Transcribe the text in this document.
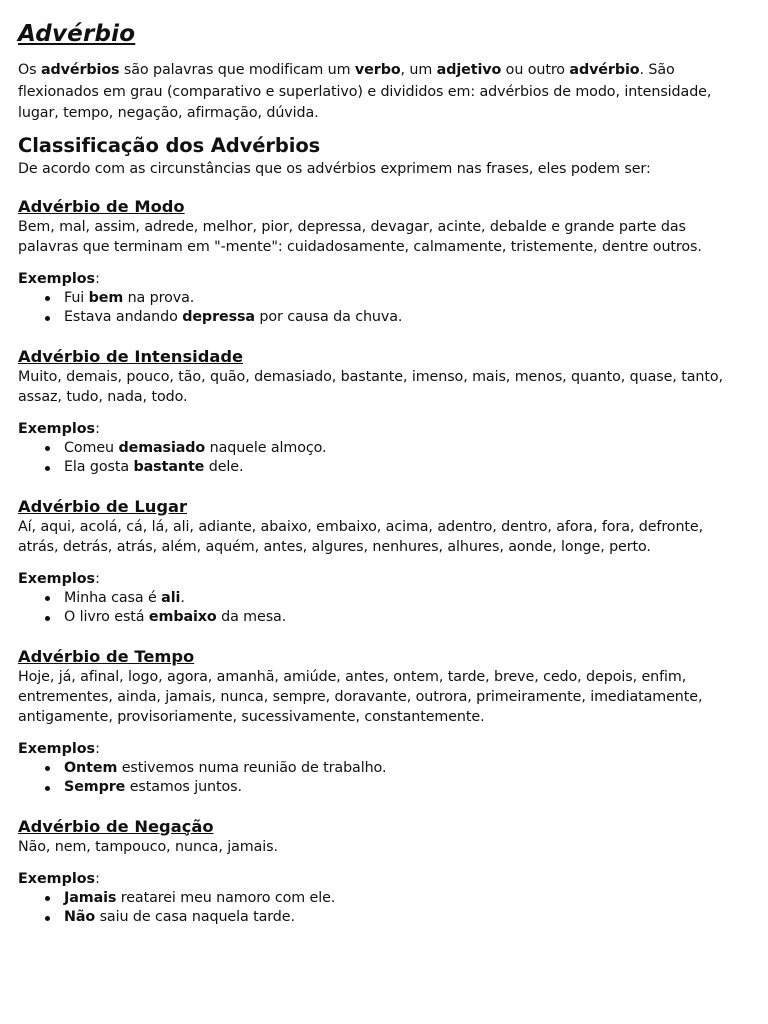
Advérbio

Os advérbios são palavras que modificam um verbo, um adjetivo ou outro advérbio. São flexionados em grau (comparativo e superlativo) e divididos em: advérbios de modo, intensidade, lugar, tempo, negação, afirmação, dúvida.

Classificação dos Advérbios

De acordo com as circunstâncias que os advérbios exprimem nas frases, eles podem ser:

Advérbio de Modo

Bem, mal, assim, adrede, melhor, pior, depressa, devagar, acinte, debalde e grande parte das palavras que terminam em "-mente": cuidadosamente, calmamente, tristemente, dentre outros.

Exemplos:

Fui bem na prova.
Estava andando depressa por causa da chuva.
Advérbio de Intensidade

Muito, demais, pouco, tão, quão, demasiado, bastante, imenso, mais, menos, quanto, quase, tanto, assaz, tudo, nada, todo.

Exemplos:

Comeu demasiado naquele almoço.
Ela gosta bastante dele.
Advérbio de Lugar

Aí, aqui, acolá, cá, lá, ali, adiante, abaixo, embaixo, acima, adentro, dentro, afora, fora, defronte, atrás, detrás, atrás, além, aquém, antes, algures, nenhures, alhures, aonde, longe, perto.

Exemplos:

Minha casa é ali.
O livro está embaixo da mesa.
Advérbio de Tempo

Hoje, já, afinal, logo, agora, amanhã, amiúde, antes, ontem, tarde, breve, cedo, depois, enfim, entrementes, ainda, jamais, nunca, sempre, doravante, outrora, primeiramente, imediatamente, antigamente, provisoriamente, sucessivamente, constantemente.

Exemplos:

Ontem estivemos numa reunião de trabalho.
Sempre estamos juntos.
Advérbio de Negação

Não, nem, tampouco, nunca, jamais.

Exemplos:

Jamais reatarei meu namoro com ele.
Não saiu de casa naquela tarde.
